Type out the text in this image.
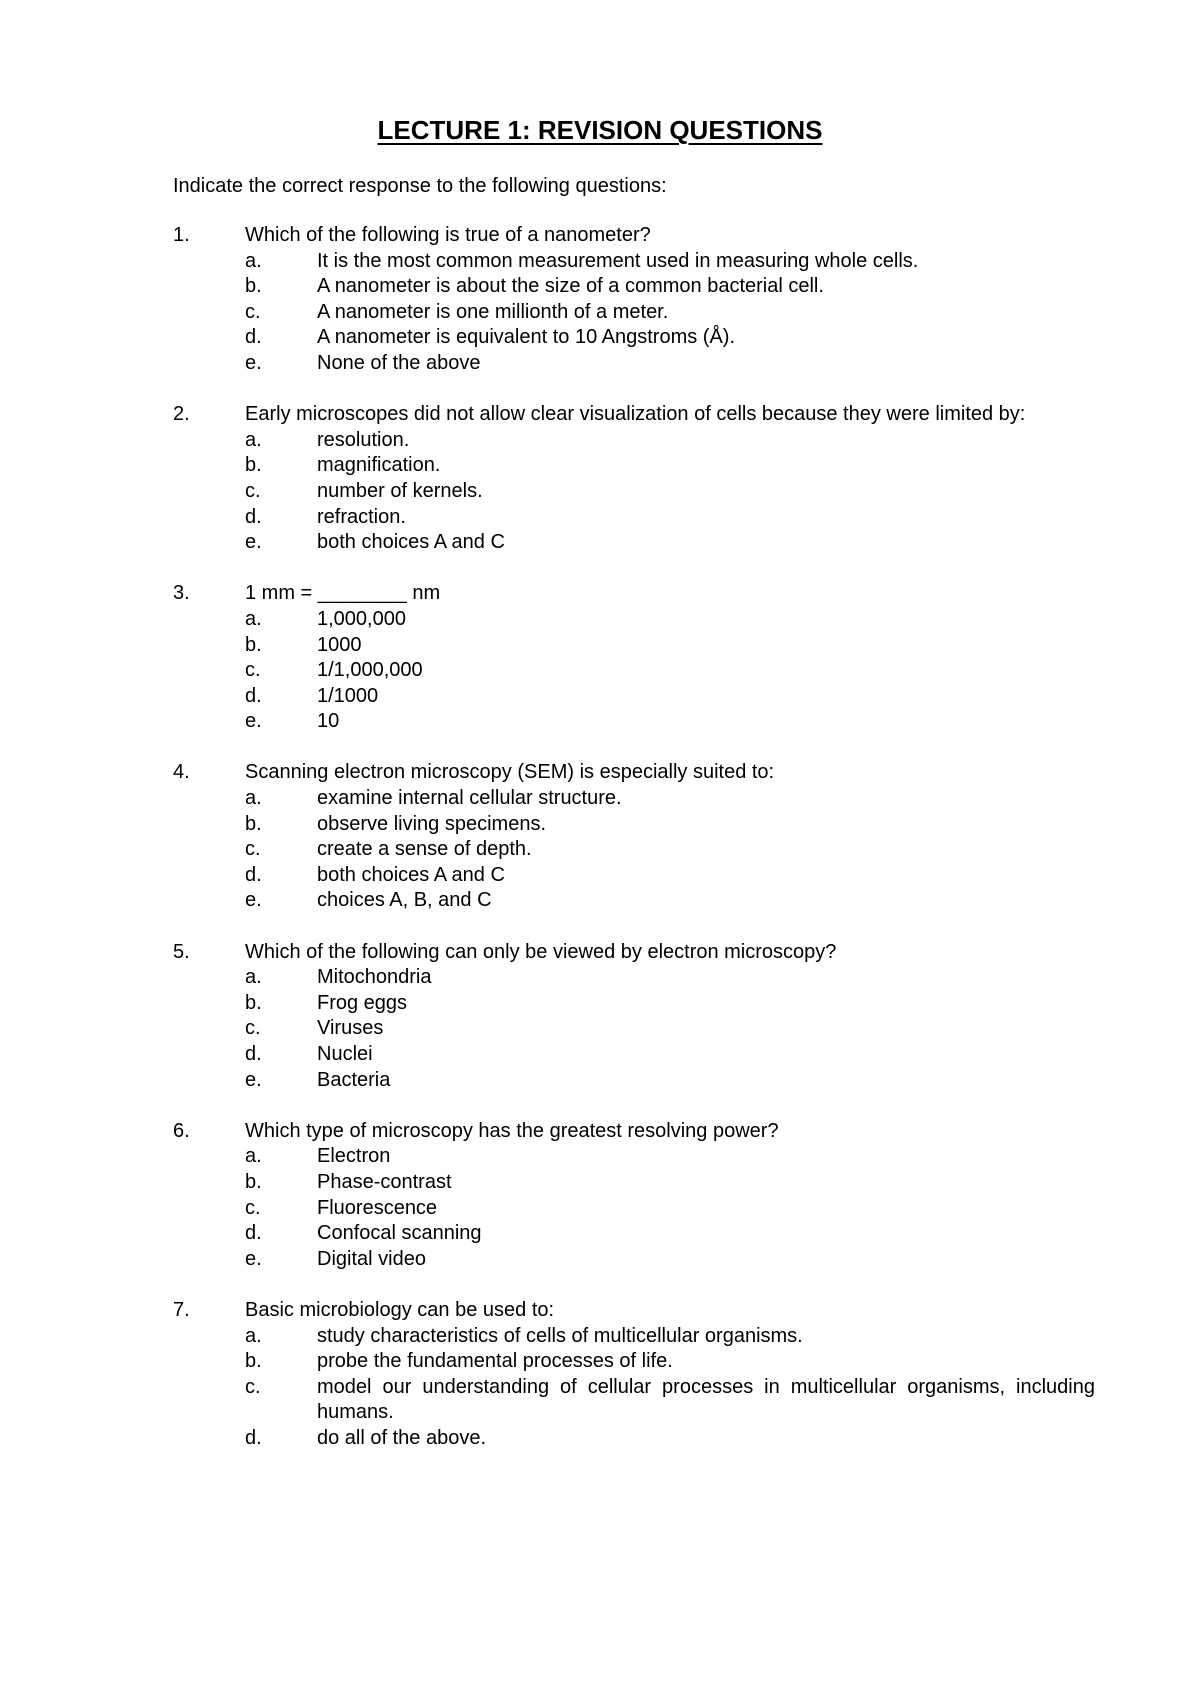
LECTURE 1: REVISION QUESTIONS
Indicate the correct response to the following questions:
1.	Which of the following is true of a nanometer?
a.	It is the most common measurement used in measuring whole cells.
b.	A nanometer is about the size of a common bacterial cell.
c.	A nanometer is one millionth of a meter.
d.	A nanometer is equivalent to 10 Angstroms (Å).
e.	None of the above
2.	Early microscopes did not allow clear visualization of cells because they were limited by:
a.	resolution.
b.	magnification.
c.	number of kernels.
d.	refraction.
e.	both choices A and C
3.	1 mm = ________ nm
a.	1,000,000
b.	1000
c.	1/1,000,000
d.	1/1000
e.	10
4.	Scanning electron microscopy (SEM) is especially suited to:
a.	examine internal cellular structure.
b.	observe living specimens.
c.	create a sense of depth.
d.	both choices A and C
e.	choices A, B, and C
5.	Which of the following can only be viewed by electron microscopy?
a.	Mitochondria
b.	Frog eggs
c.	Viruses
d.	Nuclei
e.	Bacteria
6.	Which type of microscopy has the greatest resolving power?
a.	Electron
b.	Phase-contrast
c.	Fluorescence
d.	Confocal scanning
e.	Digital video
7.	Basic microbiology can be used to:
a.	study characteristics of cells of multicellular organisms.
b.	probe the fundamental processes of life.
c.	model our understanding of cellular processes in multicellular organisms, including humans.
d.	do all of the above.
